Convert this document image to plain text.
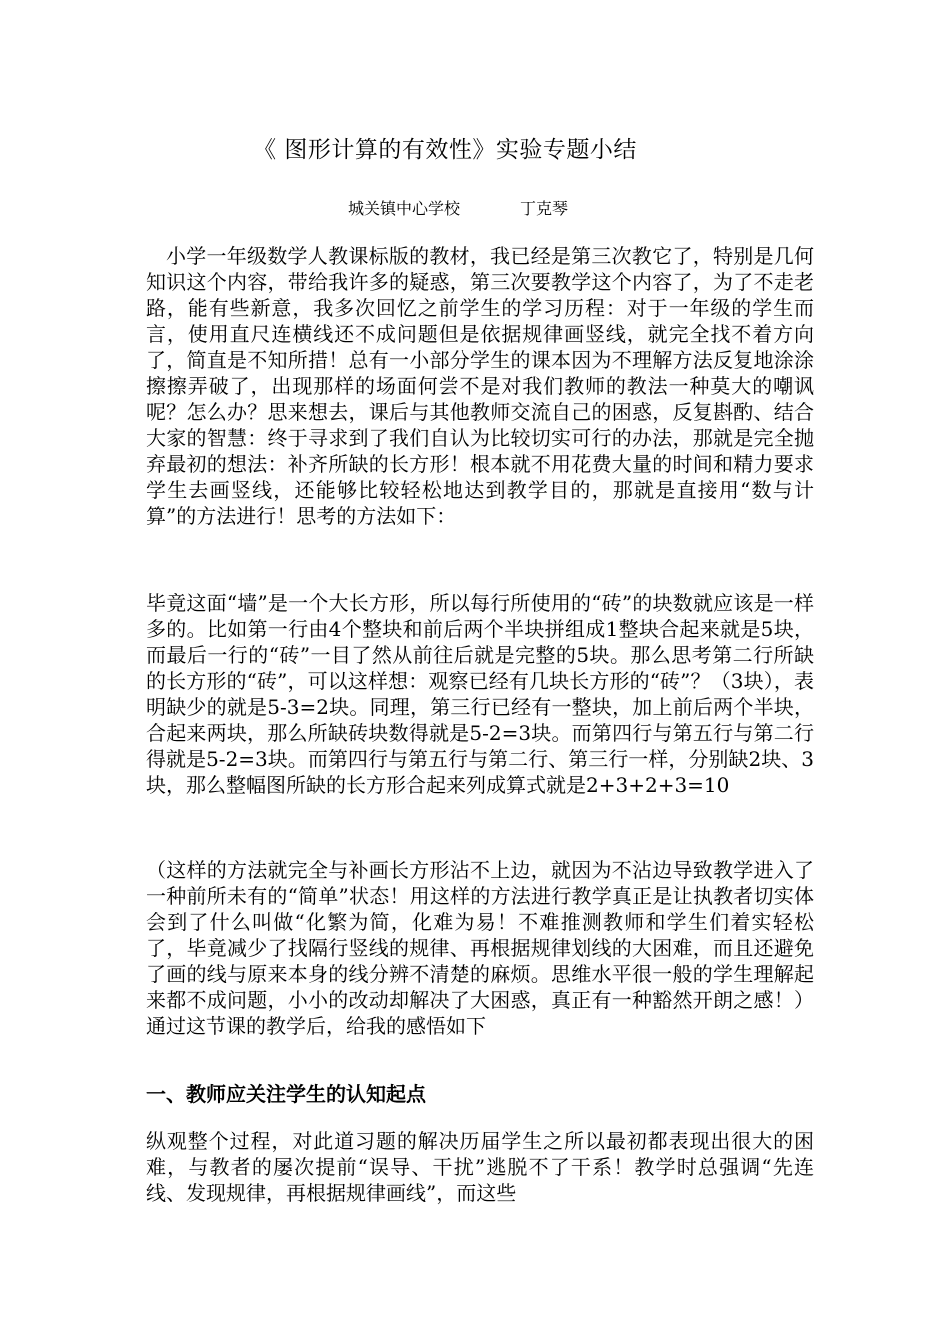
《 图形计算的有效性》实验专题小结
城关镇中心学校	丁克琴

小学一年级数学人教课标版的教材，我已经是第三次教它了，特别是几何知识这个内容，带给我许多的疑惑，第三次要教学这个内容了，为了不走老路，能有些新意，我多次回忆之前学生的学习历程：对于一年级的学生而言，使用直尺连横线还不成问题但是依据规律画竖线，就完全找不着方向了，简直是不知所措！总有一小部分学生的课本因为不理解方法反复地涂涂擦擦弄破了，出现那样的场面何尝不是对我们教师的教法一种莫大的嘲讽呢？怎么办？思来想去，课后与其他教师交流自己的困惑，反复斟酌、结合大家的智慧：终于寻求到了我们自认为比较切实可行的办法，那就是完全抛弃最初的想法：补齐所缺的长方形！根本就不用花费大量的时间和精力要求学生去画竖线，还能够比较轻松地达到教学目的，那就是直接用“数与计算”的方法进行！思考的方法如下：

毕竟这面“墙”是一个大长方形，所以每行所使用的“砖”的块数就应该是一样多的。比如第一行由4个整块和前后两个半块拼组成1整块合起来就是5块，而最后一行的“砖”一目了然从前往后就是完整的5块。那么思考第二行所缺的长方形的“砖”，可以这样想：观察已经有几块长方形的“砖”？（3块），表明缺少的就是5-3=2块。同理，第三行已经有一整块，加上前后两个半块，合起来两块，那么所缺砖块数得就是5-2=3块。而第四行与第五行与第二行得就是5-2=3块。而第四行与第五行与第二行、第三行一样，分别缺2块、3块，那么整幅图所缺的长方形合起来列成算式就是2+3+2+3=10

（这样的方法就完全与补画长方形沾不上边，就因为不沾边导致教学进入了一种前所未有的“简单”状态！用这样的方法进行教学真正是让执教者切实体会到了什么叫做“化繁为简，化难为易！不难推测教师和学生们着实轻松了，毕竟减少了找隔行竖线的规律、再根据规律划线的大困难，而且还避免了画的线与原来本身的线分辨不清楚的麻烦。思维水平很一般的学生理解起来都不成问题，小小的改动却解决了大困惑，真正有一种豁然开朗之感！）通过这节课的教学后，给我的感悟如下

一、教师应关注学生的认知起点

纵观整个过程，对此道习题的解决历届学生之所以最初都表现出很大的困难，与教者的屡次提前“误导、干扰”逃脱不了干系！教学时总强调“先连线、发现规律，再根据规律画线”，而这些
